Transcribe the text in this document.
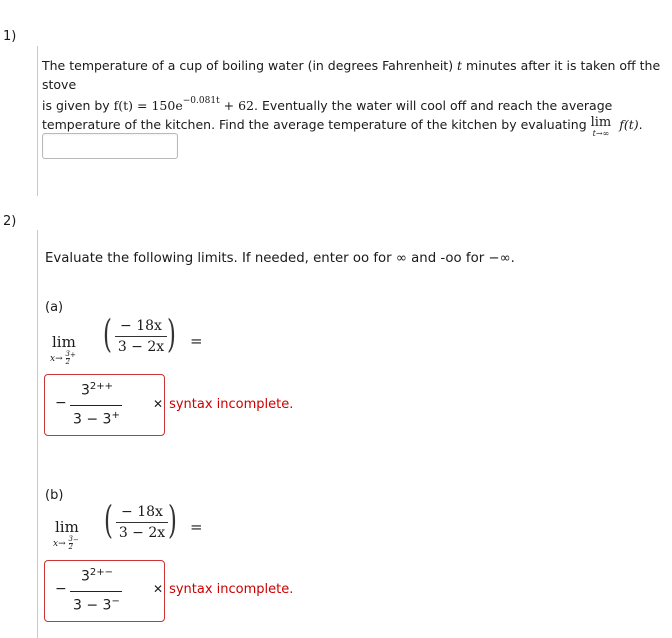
1)
The temperature of a cup of boiling water (in degrees Fahrenheit) t minutes after it is taken off the stove
is given by $f(t) = 150e^{-0.081t} + 62$. Eventually the water will cool off and reach the average
temperature of the kitchen. Find the average temperature of the kitchen by evaluating lim
t→∞
f(t).
2)
Evaluate the following limits. If needed, enter oo for ∞ and -oo for −∞.
(a)
lim
$x\to \frac{3}{2}^+$ ( − 18x
3 − 2x ) =
−
$3^{2++}$
3 − 3+
✕ syntax incomplete.
(b)
lim
$x\to \frac{3}{2}^-$ ( − 18x
3 − 2x ) =
−
$3^{2+-}$
3 − 3−
✕ syntax incomplete.
